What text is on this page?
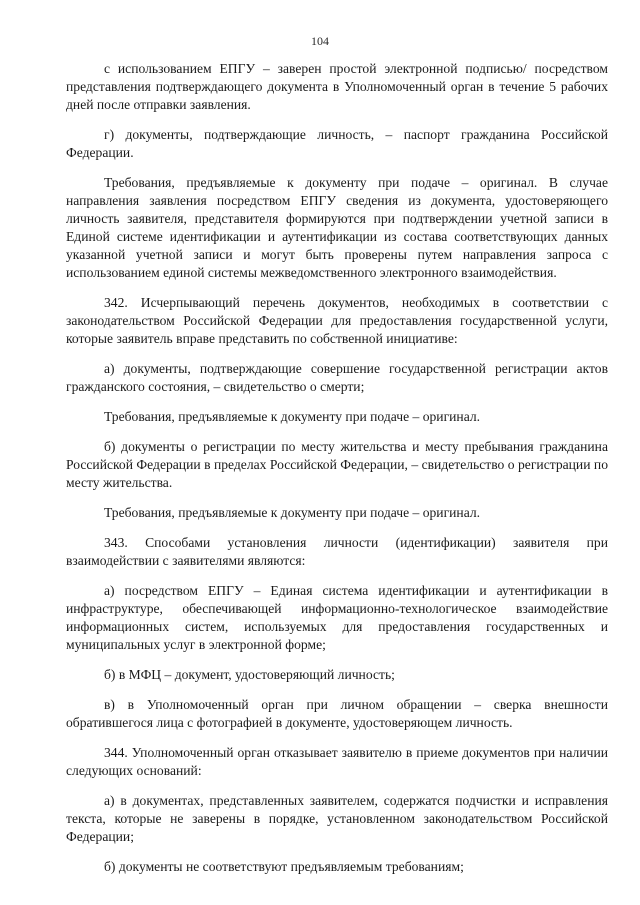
104

с использованием ЕПГУ – заверен простой электронной подписью/ посредством представления подтверждающего документа в Уполномоченный орган в течение 5 рабочих дней после отправки заявления.

г) документы, подтверждающие личность, – паспорт гражданина Российской Федерации.

Требования, предъявляемые к документу при подаче – оригинал. В случае направления заявления посредством ЕПГУ сведения из документа, удостоверяющего личность заявителя, представителя формируются при подтверждении учетной записи в Единой системе идентификации и аутентификации из состава соответствующих данных указанной учетной записи и могут быть проверены путем направления запроса с использованием единой системы межведомственного электронного взаимодействия.

342. Исчерпывающий перечень документов, необходимых в соответствии с законодательством Российской Федерации для предоставления государственной услуги, которые заявитель вправе представить по собственной инициативе:

а) документы, подтверждающие совершение государственной регистрации актов гражданского состояния, – свидетельство о смерти;

Требования, предъявляемые к документу при подаче – оригинал.

б) документы о регистрации по месту жительства и месту пребывания гражданина Российской Федерации в пределах Российской Федерации, – свидетельство о регистрации по месту жительства.

Требования, предъявляемые к документу при подаче – оригинал.

343. Способами установления личности (идентификации) заявителя при взаимодействии с заявителями являются:

а) посредством ЕПГУ – Единая система идентификации и аутентификации в инфраструктуре, обеспечивающей информационно-технологическое взаимодействие информационных систем, используемых для предоставления государственных и муниципальных услуг в электронной форме;

б) в МФЦ – документ, удостоверяющий личность;

в) в Уполномоченный орган при личном обращении – сверка внешности обратившегося лица с фотографией в документе, удостоверяющем личность.

344. Уполномоченный орган отказывает заявителю в приеме документов при наличии следующих оснований:

а) в документах, представленных заявителем, содержатся подчистки и исправления текста, которые не заверены в порядке, установленном законодательством Российской Федерации;

б) документы не соответствуют предъявляемым требованиям;
